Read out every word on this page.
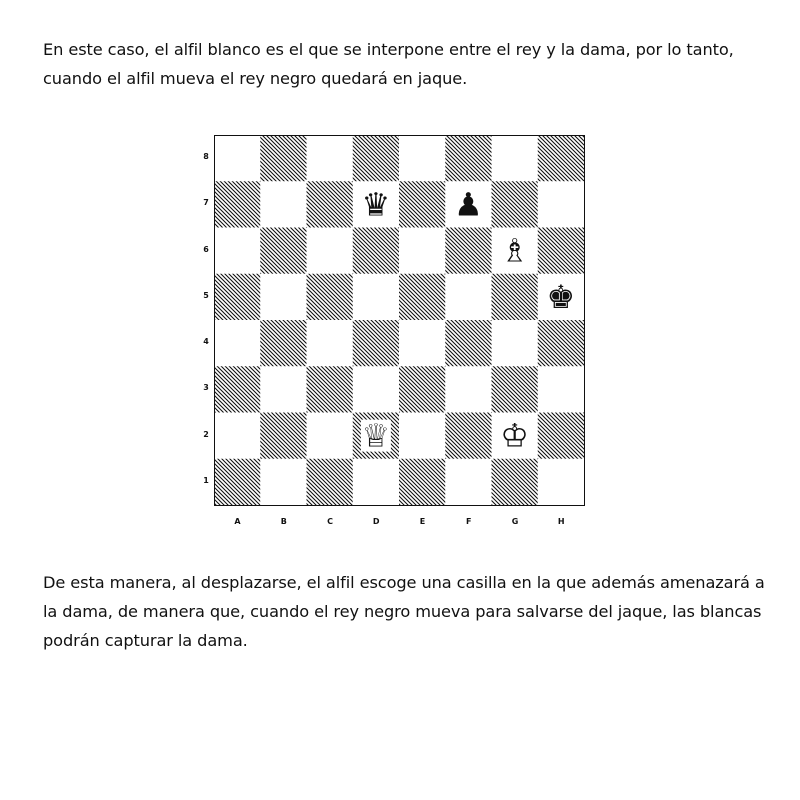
En este caso, el alfil blanco es el que se interpone entre el rey y la dama, por lo tanto, cuando el alfil mueva el rey negro quedará en jaque.

8
7
6
5
4
3
2
1
A	B	C	D	E	F	G	H
♛ ♟
♗
♚
♕	♔

De esta manera, al desplazarse, el alfil escoge una casilla en la que además amenazará a la dama, de manera que, cuando el rey negro mueva para salvarse del jaque, las blancas podrán capturar la dama.
